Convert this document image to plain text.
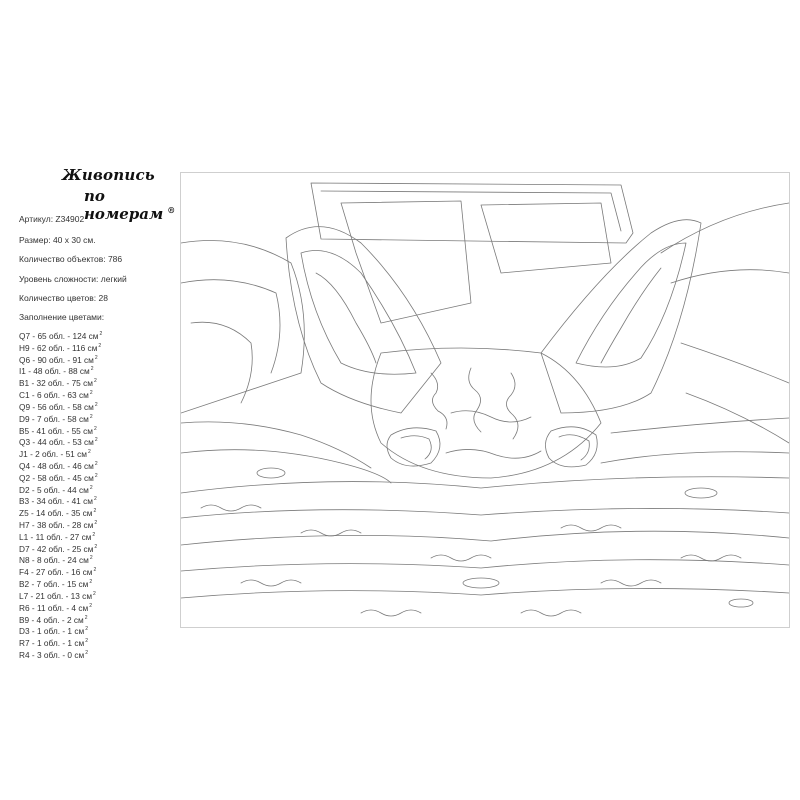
Живопись
по номерам ®
Артикул: Z34902
Размер: 40 x 30 см.
Количество объектов: 786
Уровень сложности: легкий
Количество цветов: 28
Заполнение цветами:
Q7 - 65 обл. - 124 $см^2$
H9 - 62 обл. - 116 $см^2$
Q6 - 90 обл. - 91 $см^2$
I1 - 48 обл. - 88 $см^2$
B1 - 32 обл. - 75 $см^2$
C1 - 6 обл. - 63 $см^2$
Q9 - 56 обл. - 58 $см^2$
D9 - 7 обл. - 58 $см^2$
B5 - 41 обл. - 55 $см^2$
Q3 - 44 обл. - 53 $см^2$
J1 - 2 обл. - 51 $см^2$
Q4 - 48 обл. - 46 $см^2$
Q2 - 58 обл. - 45 $см^2$
D2 - 5 обл. - 44 $см^2$
B3 - 34 обл. - 41 $см^2$
Z5 - 14 обл. - 35 $см^2$
H7 - 38 обл. - 28 $см^2$
L1 - 11 обл. - 27 $см^2$
D7 - 42 обл. - 25 $см^2$
N8 - 8 обл. - 24 $см^2$
F4 - 27 обл. - 16 $см^2$
B2 - 7 обл. - 15 $см^2$
L7 - 21 обл. - 13 $см^2$
R6 - 11 обл. - 4 $см^2$
B9 - 4 обл. - 2 $см^2$
D3 - 1 обл. - 1 $см^2$
R7 - 1 обл. - 1 $см^2$
R4 - 3 обл. - 0 $см^2$
